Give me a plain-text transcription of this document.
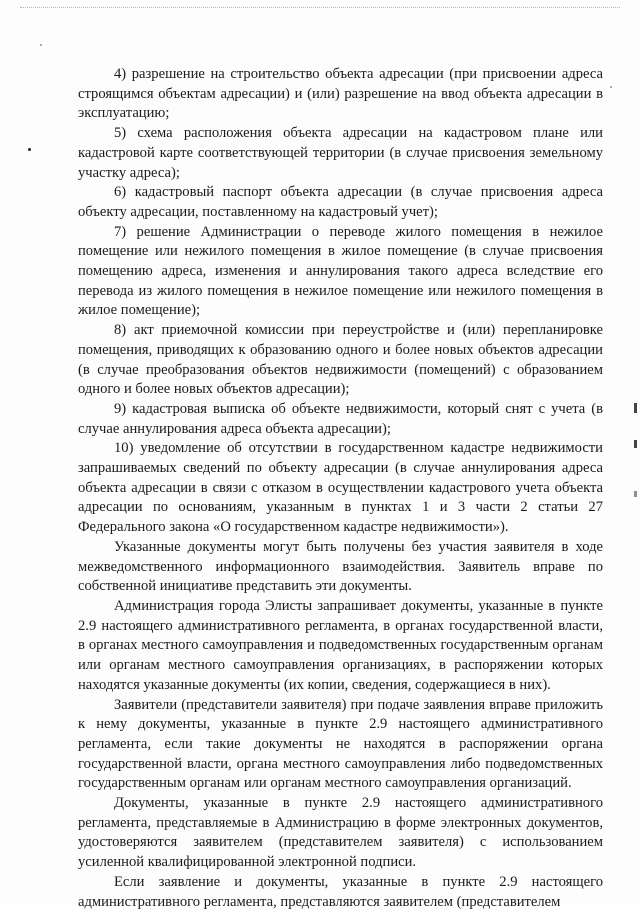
4) разрешение на строительство объекта адресации (при присвоении адреса строящимся объектам адресации) и (или) разрешение на ввод объекта адресации в эксплуатацию;

5) схема расположения объекта адресации на кадастровом плане или кадастровой карте соответствующей территории (в случае присвоения земельному участку адреса);

6) кадастровый паспорт объекта адресации (в случае присвоения адреса объекту адресации, поставленному на кадастровый учет);

7) решение Администрации о переводе жилого помещения в нежилое помещение или нежилого помещения в жилое помещение (в случае присвоения помещению адреса, изменения и аннулирования такого адреса вследствие его перевода из жилого помещения в нежилое помещение или нежилого помещения в жилое помещение);

8) акт приемочной комиссии при переустройстве и (или) перепланировке помещения, приводящих к образованию одного и более новых объектов адресации (в случае преобразования объектов недвижимости (помещений) с образованием одного и более новых объектов адресации);

9) кадастровая выписка об объекте недвижимости, который снят с учета (в случае аннулирования адреса объекта адресации);

10) уведомление об отсутствии в государственном кадастре недвижимости запрашиваемых сведений по объекту адресации (в случае аннулирования адреса объекта адресации в связи с отказом в осуществлении кадастрового учета объекта адресации по основаниям, указанным в пунктах 1 и 3 части 2 статьи 27 Федерального закона «О государственном кадастре недвижимости»).

Указанные документы могут быть получены без участия заявителя в ходе межведомственного информационного взаимодействия. Заявитель вправе по собственной инициативе представить эти документы.

Администрация города Элисты запрашивает документы, указанные в пункте 2.9 настоящего административного регламента, в органах государственной власти, в органах местного самоуправления и подведомственных государственным органам или органам местного самоуправления организациях, в распоряжении которых находятся указанные документы (их копии, сведения, содержащиеся в них).

Заявители (представители заявителя) при подаче заявления вправе приложить к нему документы, указанные в пункте 2.9 настоящего административного регламента, если такие документы не находятся в распоряжении органа государственной власти, органа местного самоуправления либо подведомственных государственным органам или органам местного самоуправления организаций.

Документы, указанные в пункте 2.9 настоящего административного регламента, представляемые в Администрацию в форме электронных документов, удостоверяются заявителем (представителем заявителя) с использованием усиленной квалифицированной электронной подписи.

Если заявление и документы, указанные в пункте 2.9 настоящего административного регламента, представляются заявителем (представителем
